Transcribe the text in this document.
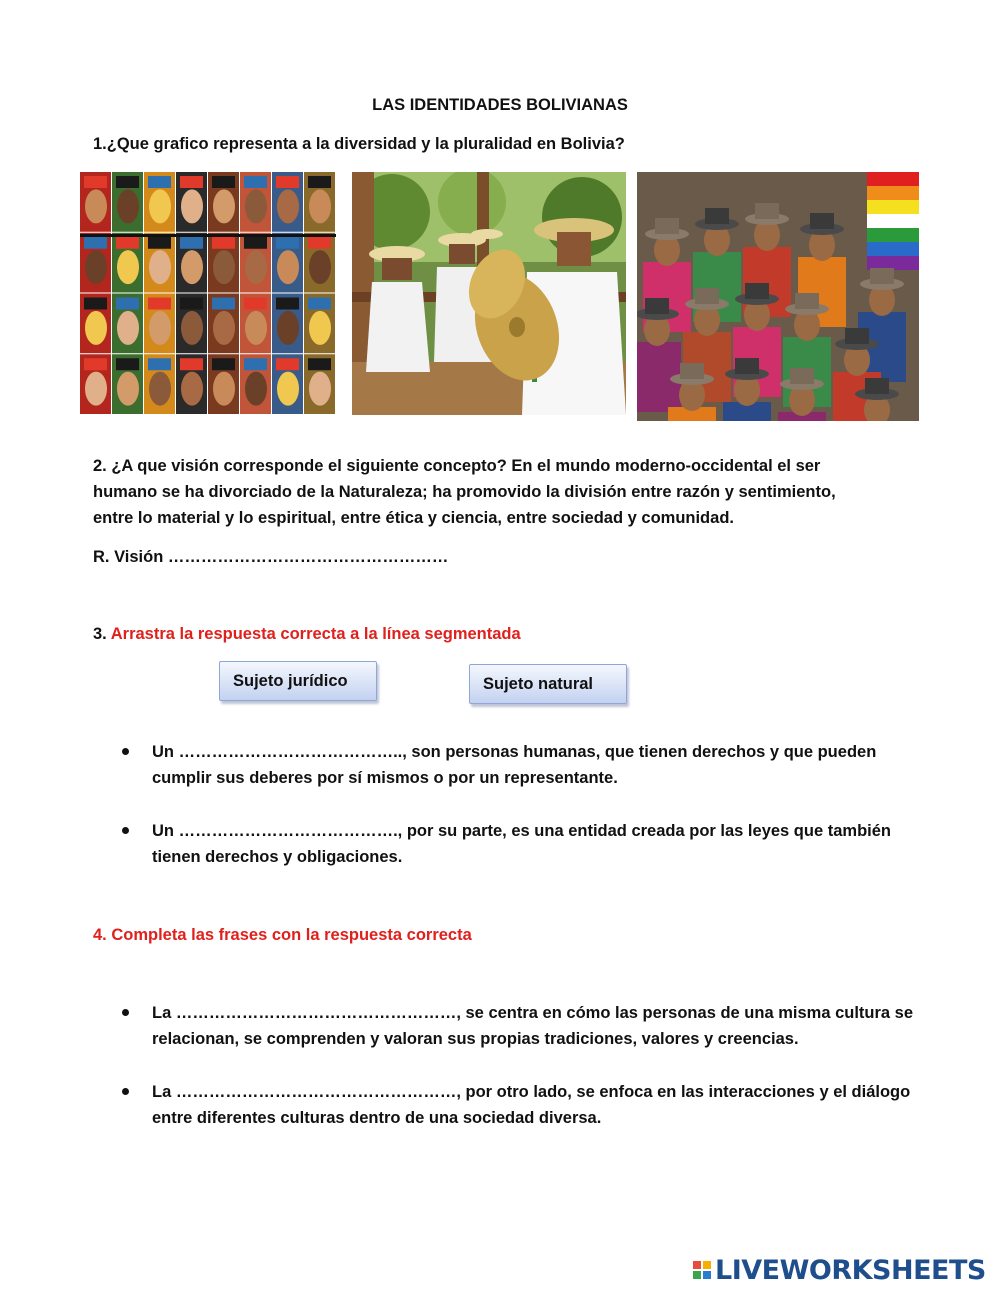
LAS IDENTIDADES BOLIVIANAS
1.¿Que grafico representa a la diversidad y la pluralidad en Bolivia?
2. ¿A que visión corresponde el siguiente concepto? En el mundo moderno-occidental el ser
humano se ha divorciado de la Naturaleza; ha promovido la división entre razón y sentimiento,
entre lo material y lo espiritual, entre ética y ciencia, entre sociedad y comunidad.
R. Visión ……………………………………………
3. Arrastra la respuesta correcta a la línea segmentada
Sujeto jurídico	Sujeto natural
Un ………………………………….., son personas humanas, que tienen derechos y que pueden
cumplir sus deberes por sí mismos o por un representante.
Un …………………………………., por su parte, es una entidad creada por las leyes que también
tienen derechos y obligaciones.
4. Completa las frases con la respuesta correcta
La ……………………………………………, se centra en cómo las personas de una misma cultura se
relacionan, se comprenden y valoran sus propias tradiciones, valores y creencias.
La ……………………………………………, por otro lado, se enfoca en las interacciones y el diálogo
entre diferentes culturas dentro de una sociedad diversa.
LIVEWORKSHEETS
